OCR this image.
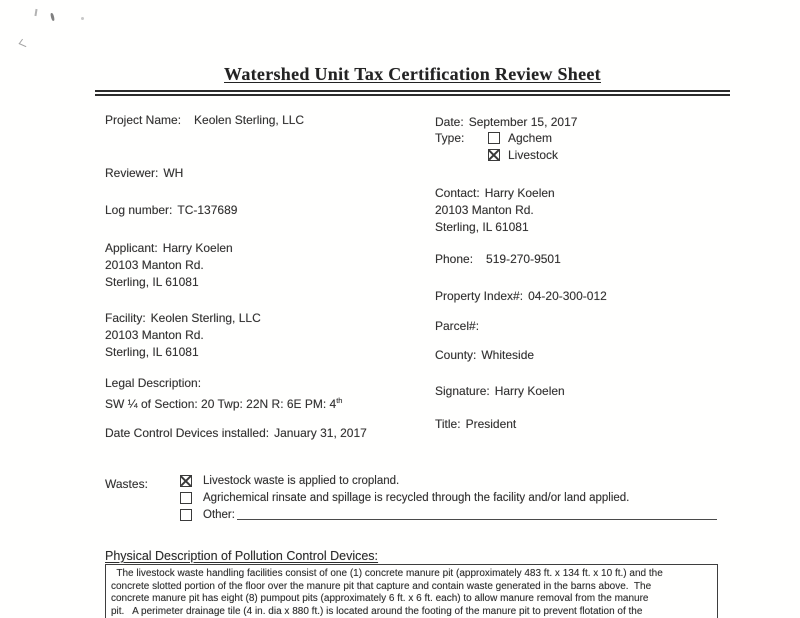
Watershed Unit Tax Certification Review Sheet
Project Name: Keolen Sterling, LLC
Reviewer: WH
Log number: TC-137689
Applicant: Harry Koelen
20103 Manton Rd.
Sterling, IL 61081
Facility: Keolen Sterling, LLC
20103 Manton Rd.
Sterling, IL 61081
Legal Description:
SW ¼ of Section: 20 Twp: 22N R: 6E PM: 4th
Date Control Devices installed: January 31, 2017
Date: September 15, 2017
Type:	Agchem
Livestock
Contact: Harry Koelen
20103 Manton Rd.
Sterling, IL 61081
Phone: 519-270-9501
Property Index#: 04-20-300-012
Parcel#:
County: Whiteside
Signature: Harry Koelen
Title: President
Wastes:	Livestock waste is applied to cropland.
Agrichemical rinsate and spillage is recycled through the facility and/or land applied.
Other:
Physical Description of Pollution Control Devices:
The livestock waste handling facilities consist of one (1) concrete manure pit (approximately 483 ft. x 134 ft. x 10 ft.) and the
concrete slotted portion of the floor over the manure pit that capture and contain waste generated in the barns above.  The
concrete manure pit has eight (8) pumpout pits (approximately 6 ft. x 6 ft. each) to allow manure removal from the manure
pit.   A perimeter drainage tile (4 in. dia x 880 ft.) is located around the footing of the manure pit to prevent flotation of the
